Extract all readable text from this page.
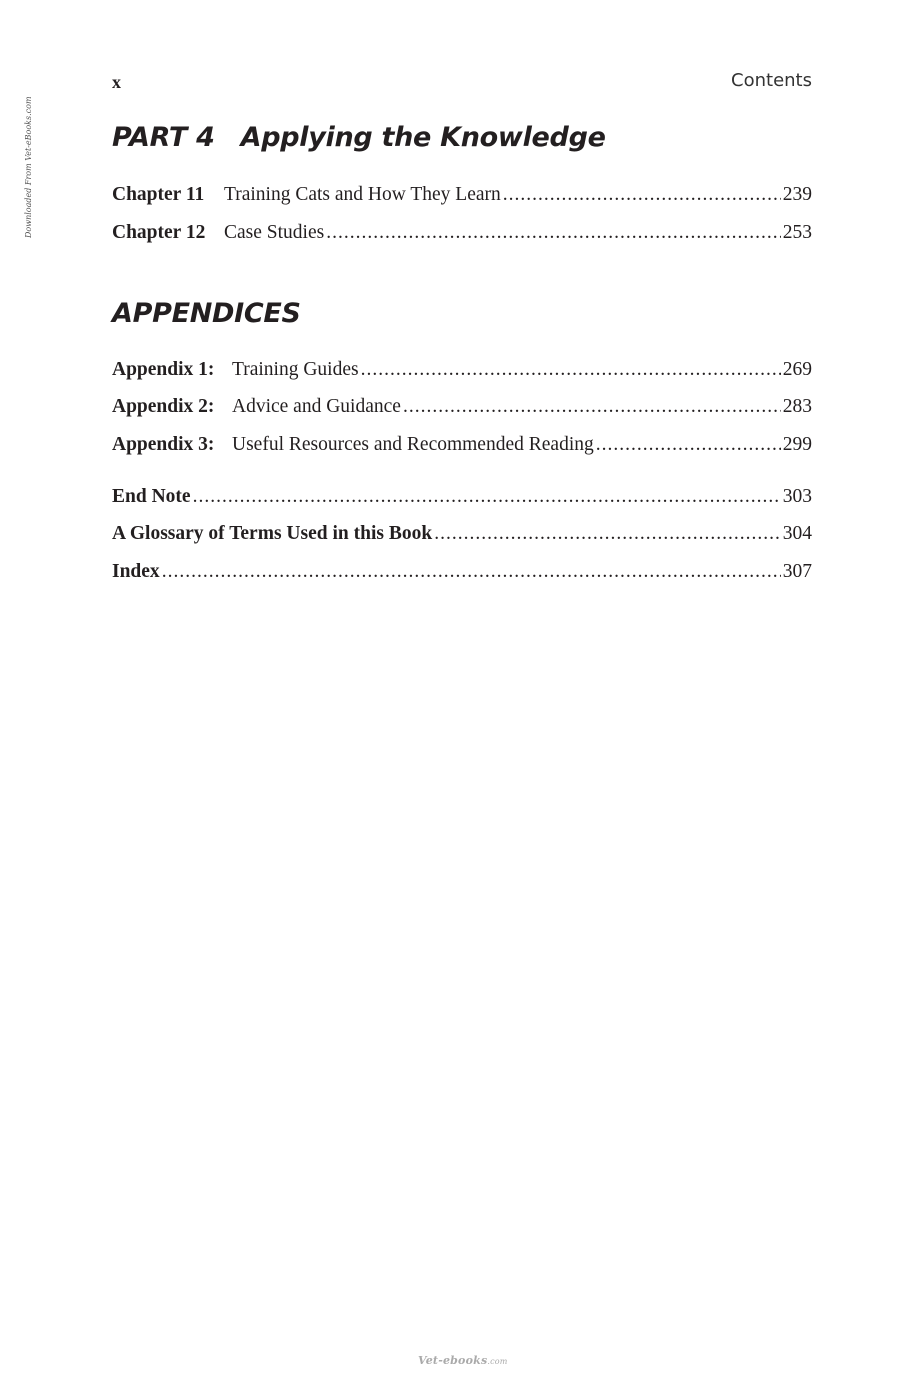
x	Contents
Downloaded From Vet-eBooks.com	PART 4 Applying the Knowledge
Chapter 11	Training Cats and How They Learn .....	239
Chapter 12 Case Studies .....	253
APPENDICES
Appendix 1: Training Guides .....	269
Appendix 2: Advice and Guidance .....	283
Appendix 3: Useful Resources and Recommended Reading .....	299
End Note .....	303
A Glossary of Terms Used in this Book .....	304
Index .....	307
Vet-ebooks.com
